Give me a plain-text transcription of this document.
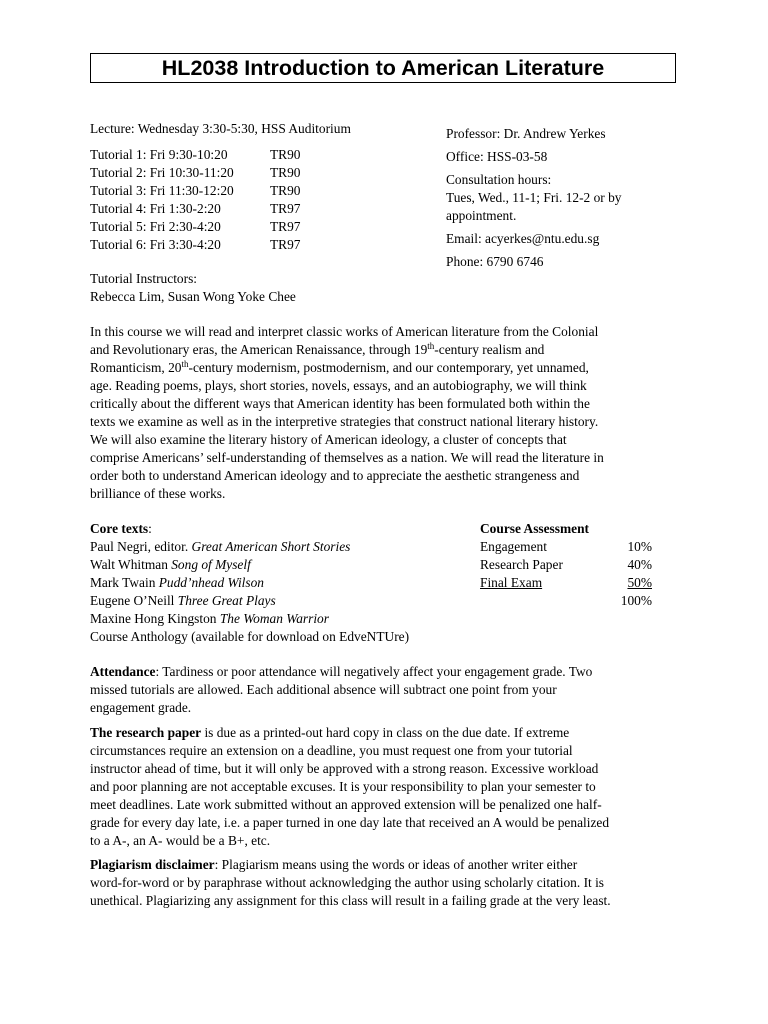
HL2038 Introduction to American Literature
Lecture: Wednesday 3:30-5:30, HSS Auditorium
Tutorial 1: Fri 9:30-10:20	TR90
Tutorial 2: Fri 10:30-11:20	TR90
Tutorial 3: Fri 11:30-12:20	TR90
Tutorial 4: Fri 1:30-2:20	TR97
Tutorial 5: Fri 2:30-4:20	TR97
Tutorial 6: Fri 3:30-4:20	TR97
Tutorial Instructors:
Rebecca Lim, Susan Wong Yoke Chee
Professor: Dr. Andrew Yerkes
Office: HSS-03-58
Consultation hours:
Tues, Wed., 11-1; Fri. 12-2 or by
appointment.
Email: acyerkes@ntu.edu.sg
Phone: 6790 6746
In this course we will read and interpret classic works of American literature from the Colonial
and Revolutionary eras, the American Renaissance, through 19th-century realism and
Romanticism, 20th-century modernism, postmodernism, and our contemporary, yet unnamed,
age. Reading poems, plays, short stories, novels, essays, and an autobiography, we will think
critically about the different ways that American identity has been formulated both within the
texts we examine as well as in the interpretive strategies that construct national literary history.
We will also examine the literary history of American ideology, a cluster of concepts that
comprise Americans’ self-understanding of themselves as a nation. We will read the literature in
order both to understand American ideology and to appreciate the aesthetic strangeness and
brilliance of these works.
Core texts:
Paul Negri, editor. Great American Short Stories
Walt Whitman Song of Myself
Mark Twain Pudd’nhead Wilson
Eugene O’Neill Three Great Plays
Maxine Hong Kingston The Woman Warrior
Course Anthology (available for download on EdveNTUre)
Course Assessment
Engagement	10%
Research Paper	40%
Final Exam	50%
100%
Attendance: Tardiness or poor attendance will negatively affect your engagement grade. Two
missed tutorials are allowed. Each additional absence will subtract one point from your
engagement grade.
The research paper is due as a printed-out hard copy in class on the due date. If extreme
circumstances require an extension on a deadline, you must request one from your tutorial
instructor ahead of time, but it will only be approved with a strong reason. Excessive workload
and poor planning are not acceptable excuses. It is your responsibility to plan your semester to
meet deadlines. Late work submitted without an approved extension will be penalized one half-
grade for every day late, i.e. a paper turned in one day late that received an A would be penalized
to a A-, an A- would be a B+, etc.
Plagiarism disclaimer: Plagiarism means using the words or ideas of another writer either
word-for-word or by paraphrase without acknowledging the author using scholarly citation. It is
unethical. Plagiarizing any assignment for this class will result in a failing grade at the very least.
